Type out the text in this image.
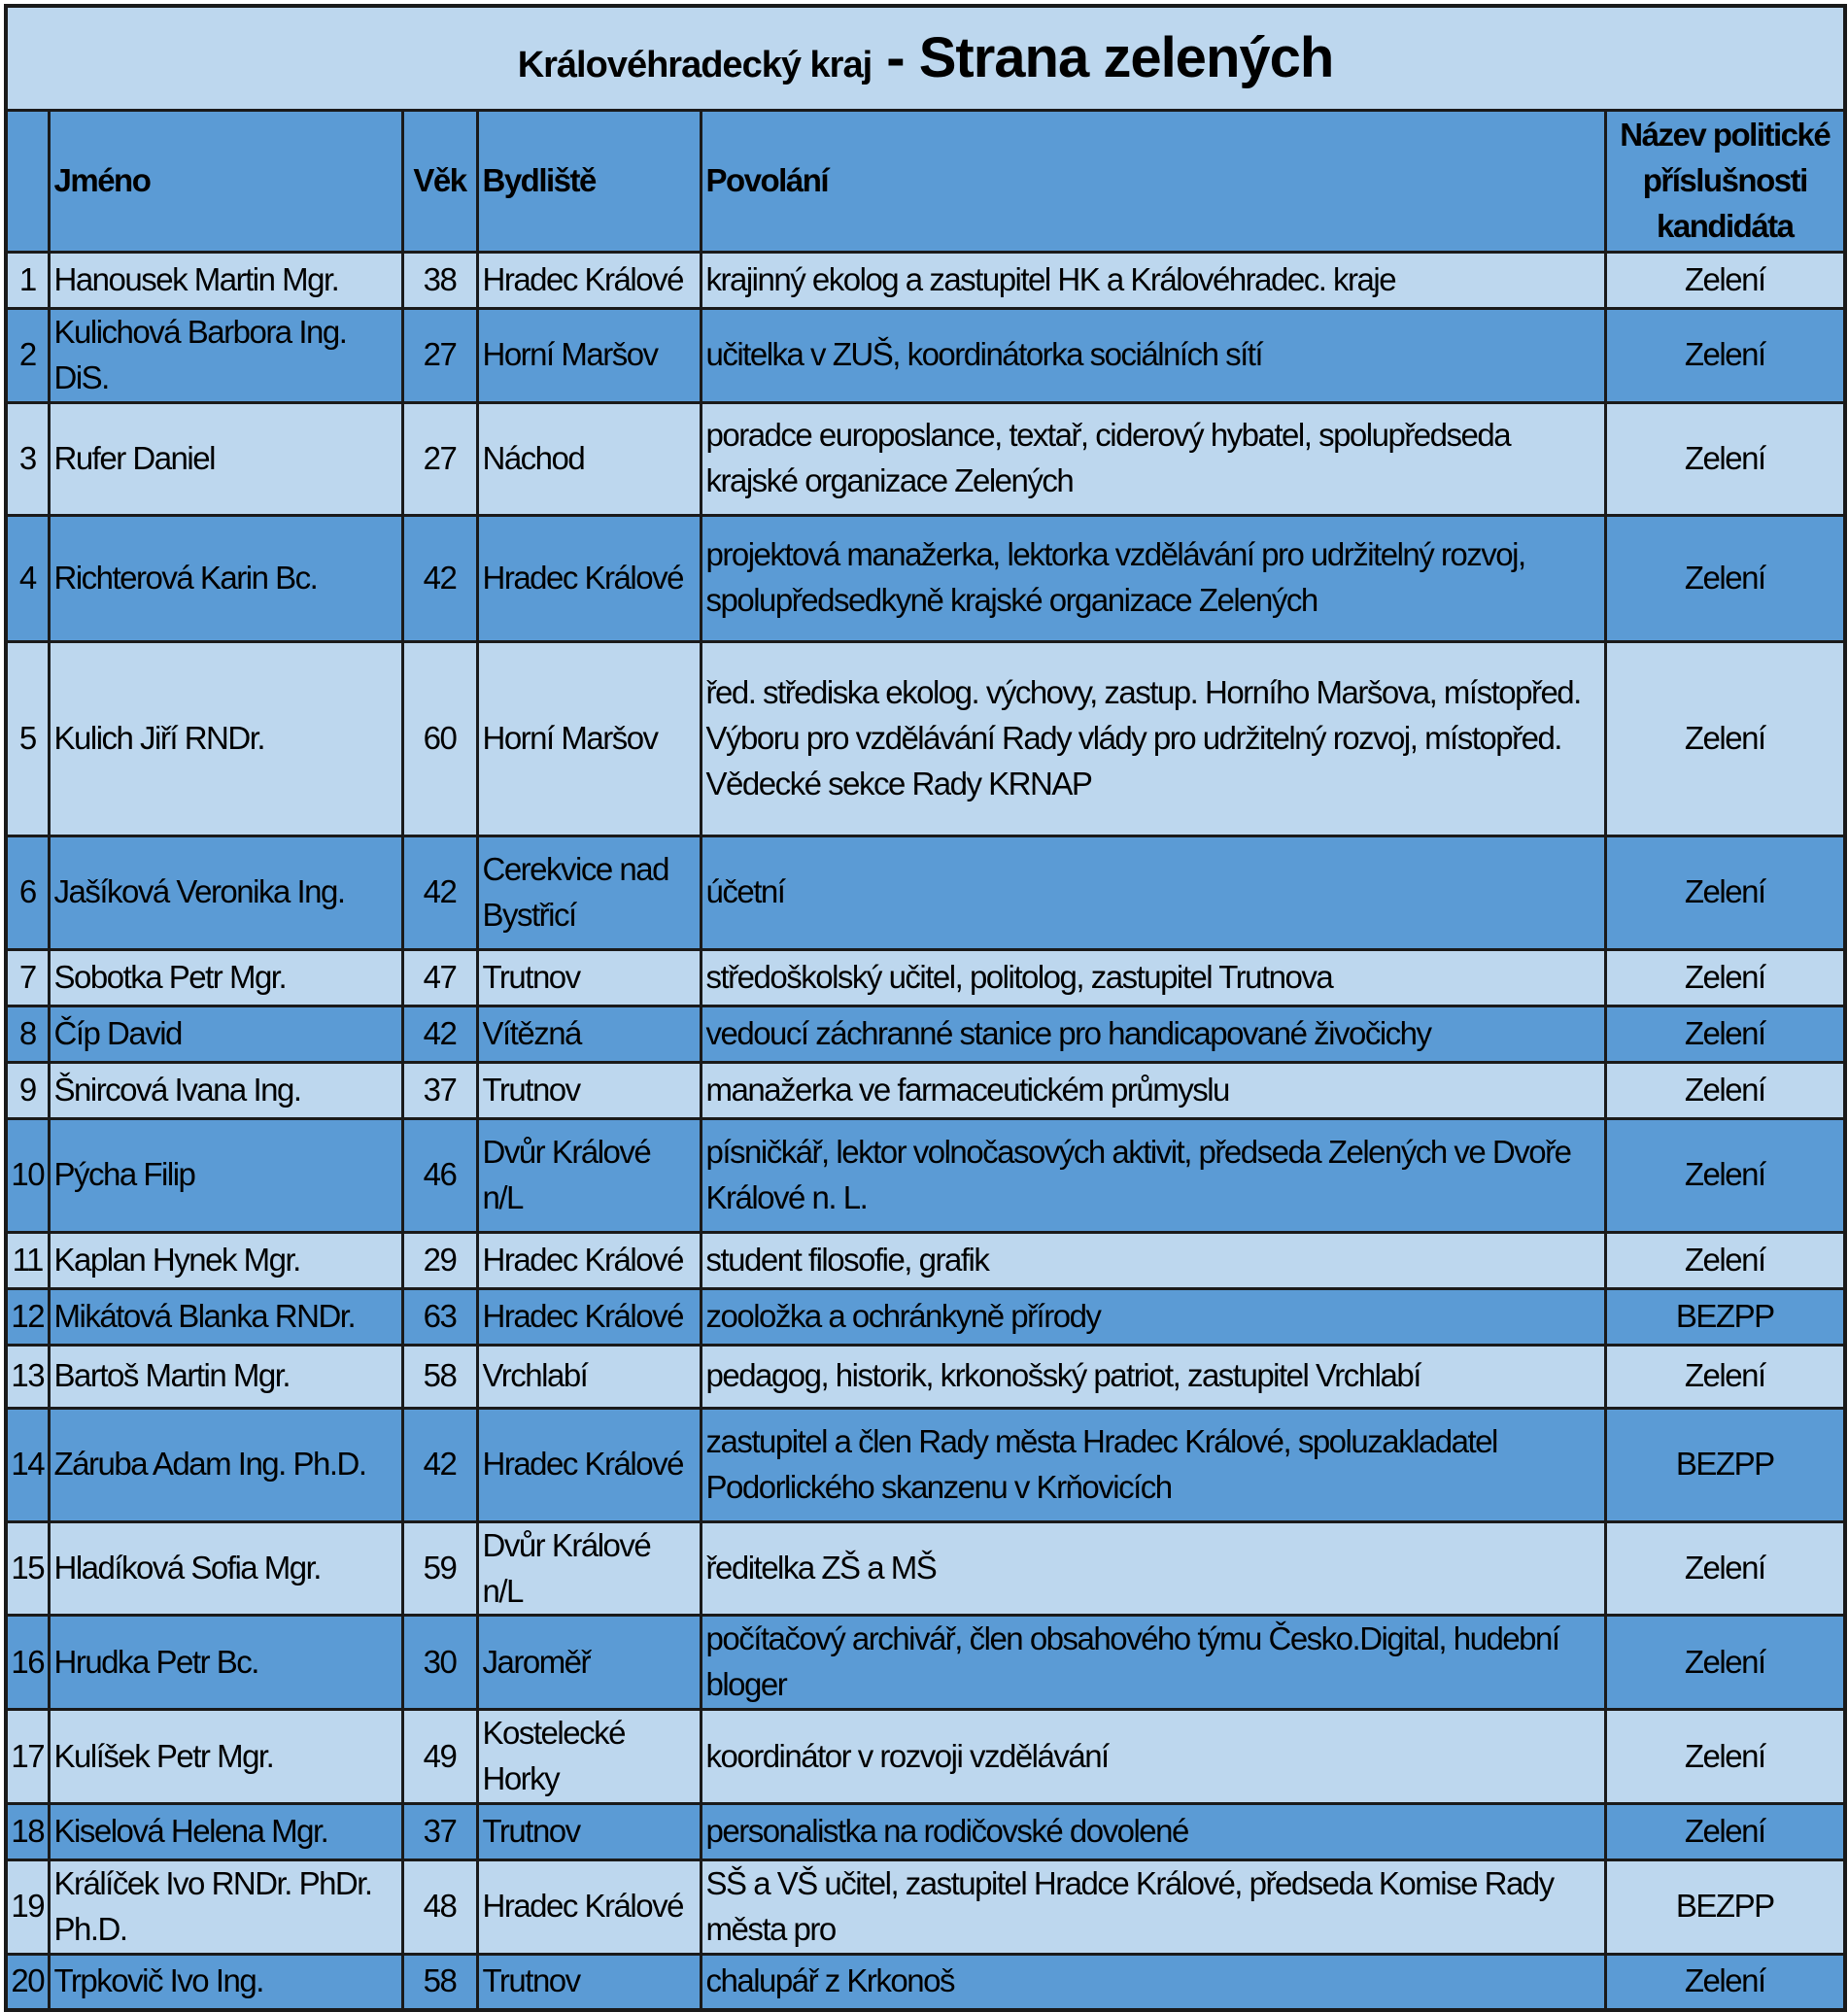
Královéhradecký kraj - Strana zelených					
	Jméno	Věk	Bydliště	Povolání	Název politické příslušnosti kandidáta
1	Hanousek Martin Mgr.	38	Hradec Králové	krajinný ekolog a zastupitel HK a Královéhradec. kraje	Zelení
2	Kulichová Barbora Ing. DiS.	27	Horní Maršov	učitelka v ZUŠ, koordinátorka sociálních sítí	Zelení
3	Rufer Daniel	27	Náchod	poradce europoslance, textař, ciderový hybatel, spolupředseda krajské organizace Zelených	Zelení
4	Richterová Karin Bc.	42	Hradec Králové	projektová manažerka, lektorka vzdělávání pro udržitelný rozvoj, spolupředsedkyně krajské organizace Zelených	Zelení
5	Kulich Jiří RNDr.	60	Horní Maršov	řed. střediska ekolog. výchovy, zastup. Horního Maršova, místopřed. Výboru pro vzdělávání Rady vlády pro udržitelný rozvoj, místopřed. Vědecké sekce Rady KRNAP	Zelení
6	Jašíková Veronika Ing.	42	Cerekvice nad Bystřicí	účetní	Zelení
7	Sobotka Petr Mgr.	47	Trutnov	středoškolský učitel, politolog, zastupitel Trutnova	Zelení
8	Číp David	42	Vítězná	vedoucí záchranné stanice pro handicapované živočichy	Zelení
9	Šnircová Ivana Ing.	37	Trutnov	manažerka ve farmaceutickém průmyslu	Zelení
10	Pýcha Filip	46	Dvůr Králové n/L	písničkář, lektor volnočasových aktivit, předseda Zelených ve Dvoře Králové n. L.	Zelení
11	Kaplan Hynek Mgr.	29	Hradec Králové	student filosofie, grafik	Zelení
12	Mikátová Blanka RNDr.	63	Hradec Králové	zooložka a ochránkyně přírody	BEZPP
13	Bartoš Martin Mgr.	58	Vrchlabí	pedagog, historik, krkonošský patriot, zastupitel Vrchlabí	Zelení
14	Záruba Adam Ing. Ph.D.	42	Hradec Králové	zastupitel a člen Rady města Hradec Králové, spoluzakladatel Podorlického skanzenu v Krňovicích	BEZPP
15	Hladíková Sofia Mgr.	59	Dvůr Králové n/L	ředitelka ZŠ a MŠ	Zelení
16	Hrudka Petr Bc.	30	Jaroměř	počítačový archivář, člen obsahového týmu Česko.Digital, hudební bloger	Zelení
17	Kulíšek Petr Mgr.	49	Kostelecké Horky	koordinátor v rozvoji vzdělávání	Zelení
18	Kiselová Helena Mgr.	37	Trutnov	personalistka na rodičovské dovolené	Zelení
19	Králíček Ivo RNDr. PhDr. Ph.D.	48	Hradec Králové	SŠ a VŠ učitel, zastupitel Hradce Králové, předseda Komise Rady města pro	BEZPP
20	Trpkovič Ivo Ing.	58	Trutnov	chalupář z Krkonoš	Zelení
